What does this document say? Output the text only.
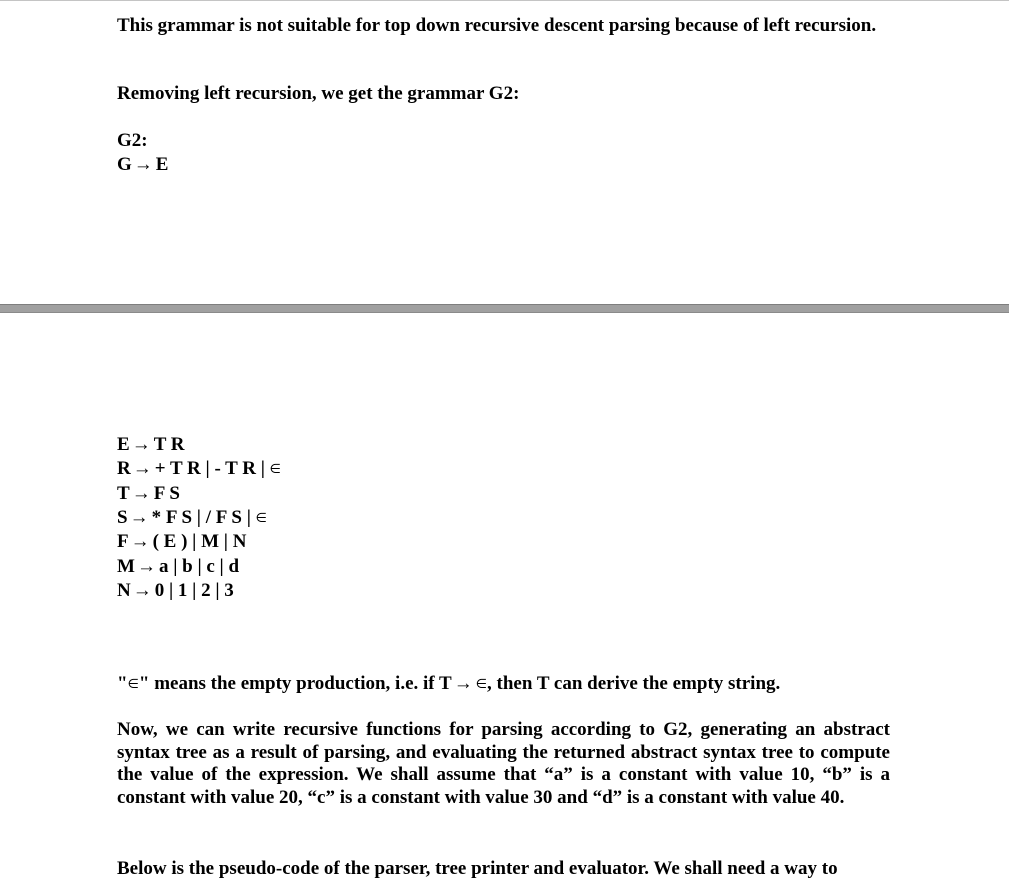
This grammar is not suitable for top down recursive descent parsing because of left recursion.

Removing left recursion, we get the grammar G2:

G2:

G → E

E → T R

R → + T R | - T R | ∈

T → F S

S → * F S | / F S | ∈

F → ( E ) | M | N

M → a | b | c | d

N → 0 | 1 | 2 | 3

"∈" means the empty production, i.e. if T → ∈, then T can derive the empty string.

Now, we can write recursive functions for parsing according to G2, generating an abstract syntax tree as a result of parsing, and evaluating the returned abstract syntax tree to compute the value of the expression. We shall assume that “a” is a constant with value 10, “b” is a constant with value 20, “c” is a constant with value 30 and “d” is a constant with value 40.

Below is the pseudo-code of the parser, tree printer and evaluator. We shall need a way to
